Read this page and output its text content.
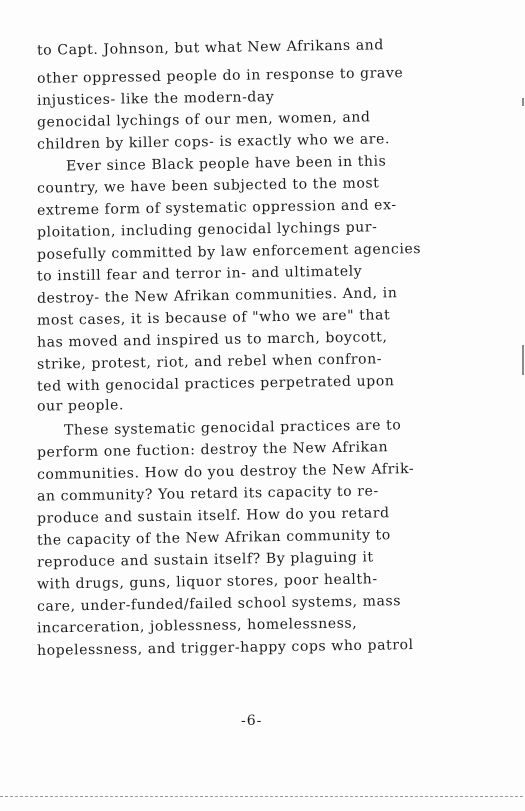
to Capt. Johnson, but what New Afrikans and
other oppressed people do in response to grave
injustices- like the modern-day
genocidal lychings of our men, women, and
children by killer cops- is exactly who we are.
Ever since Black people have been in this
country, we have been subjected to the most
extreme form of systematic oppression and ex-
ploitation, including genocidal lychings pur-
posefully committed by law enforcement agencies
to instill fear and terror in- and ultimately
destroy- the New Afrikan communities. And, in
most cases, it is because of "who we are" that
has moved and inspired us to march, boycott,
strike, protest, riot, and rebel when confron-
ted with genocidal practices perpetrated upon
our people.
These systematic genocidal practices are to
perform one fuction: destroy the New Afrikan
communities. How do you destroy the New Afrik-
an community? You retard its capacity to re-
produce and sustain itself. How do you retard
the capacity of the New Afrikan community to
reproduce and sustain itself? By plaguing it
with drugs, guns, liquor stores, poor health-
care, under-funded/failed school systems, mass
incarceration, joblessness, homelessness,
hopelessness, and trigger-happy cops who patrol
-6-
